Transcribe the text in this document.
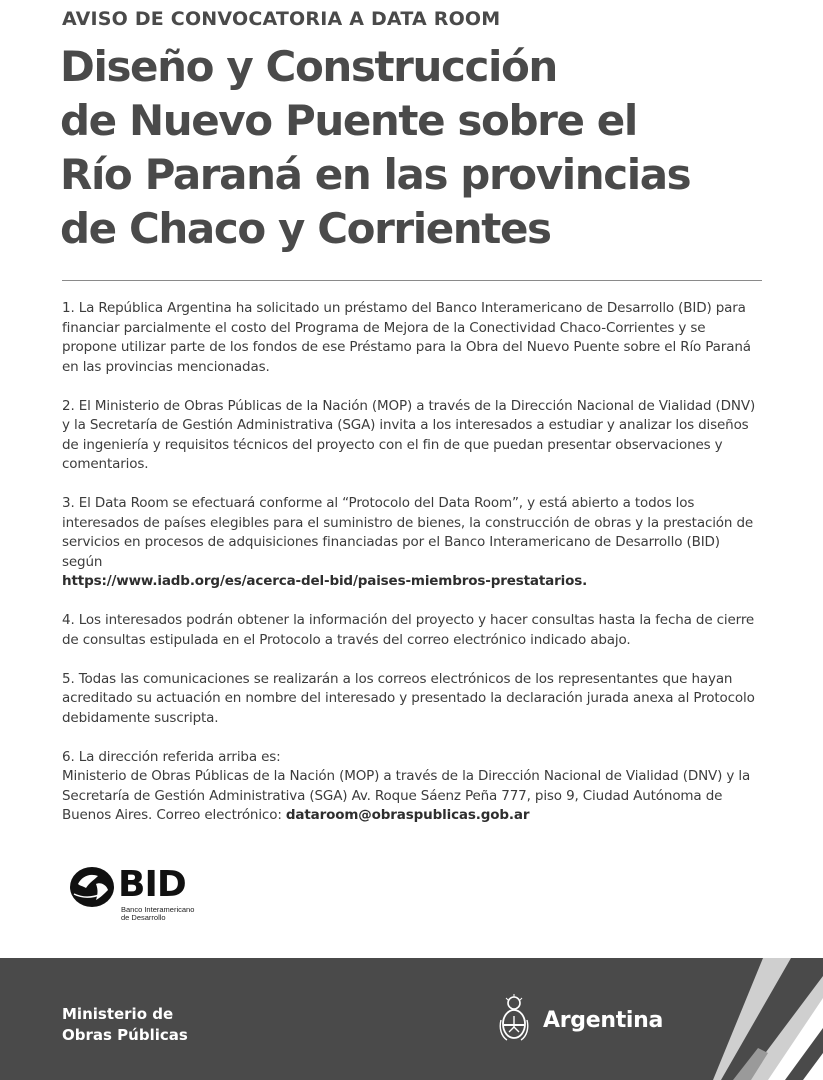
AVISO DE CONVOCATORIA A DATA ROOM
Diseño y Construcción
de Nuevo Puente sobre el
Río Paraná en las provincias
de Chaco y Corrientes

1. La República Argentina ha solicitado un préstamo del Banco Interamericano de Desarrollo (BID) para financiar parcialmente el costo del Programa de Mejora de la Conectividad Chaco-Corrientes y se propone utilizar parte de los fondos de ese Préstamo para la Obra del Nuevo Puente sobre el Río Paraná en las provincias mencionadas.

2. El Ministerio de Obras Públicas de la Nación (MOP) a través de la Dirección Nacional de Vialidad (DNV) y la Secretaría de Gestión Administrativa (SGA) invita a los interesados a estudiar y analizar los diseños de ingeniería y requisitos técnicos del proyecto con el fin de que puedan presentar observaciones y comentarios.

3. El Data Room se efectuará conforme al “Protocolo del Data Room”, y está abierto a todos los interesados de países elegibles para el suministro de bienes, la construcción de obras y la prestación de servicios en procesos de adquisiciones financiadas por el Banco Interamericano de Desarrollo (BID) según
https://www.iadb.org/es/acerca-del-bid/paises-miembros-prestatarios.

4. Los interesados podrán obtener la información del proyecto y hacer consultas hasta la fecha de cierre de consultas estipulada en el Protocolo a través del correo electrónico indicado abajo.

5. Todas las comunicaciones se realizarán a los correos electrónicos de los representantes que hayan acreditado su actuación en nombre del interesado y presentado la declaración jurada anexa al Protocolo debidamente suscripta.

6. La dirección referida arriba es:
Ministerio de Obras Públicas de la Nación (MOP) a través de la Dirección Nacional de Vialidad (DNV) y la Secretaría de Gestión Administrativa (SGA) Av. Roque Sáenz Peña 777, piso 9, Ciudad Autónoma de Buenos Aires. Correo electrónico: dataroom@obraspublicas.gob.ar

BID
Banco Interamericano
de Desarrollo
Ministerio de
Obras Públicas
Argentina
